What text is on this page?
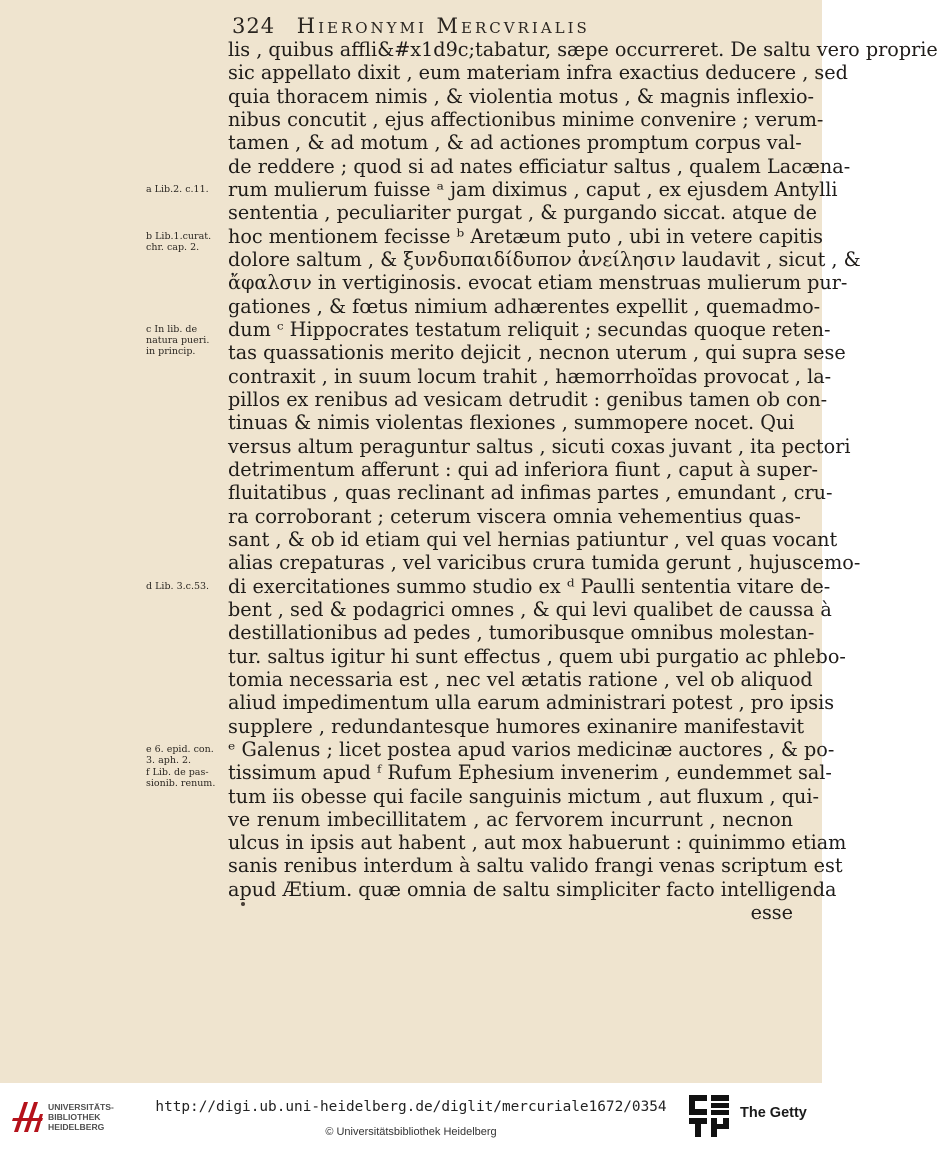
324 Hieronymi Mercvrialis
lis , quibus affli&#x1d9c;tabatur, sæpe occurreret. De saltu vero proprie
sic appellato dixit , eum materiam infra exactius deducere , sed
quia thoracem nimis , & violentia motus , & magnis inflexio-
nibus concutit , ejus affectionibus minime convenire ; verum-
tamen , & ad motum , & ad actiones promptum corpus val-
de reddere ; quod si ad nates efficiatur saltus , qualem Lacæna-
rum mulierum fuisse ᵃ jam diximus , caput , ex ejusdem Antylli
sententia , peculiariter purgat , & purgando siccat. atque de
hoc mentionem fecisse ᵇ Aretæum puto , ubi in vetere capitis
dolore saltum , & ξυνδυπαιδίδυπον ἀνείλησιν laudavit , sicut , &
ἄφαλσιν in vertiginosis. evocat etiam menstruas mulierum pur-
gationes , & fœtus nimium adhærentes expellit , quemadmo-
dum ᶜ Hippocrates testatum reliquit ; secundas quoque reten-
tas quassationis merito dejicit , necnon uterum , qui supra sese
contraxit , in suum locum trahit , hæmorrhoïdas provocat , la-
pillos ex renibus ad vesicam detrudit : genibus tamen ob con-
tinuas & nimis violentas flexiones , summopere nocet. Qui
versus altum peraguntur saltus , sicuti coxas juvant , ita pectori
detrimentum afferunt : qui ad inferiora fiunt , caput à super-
fluitatibus , quas reclinant ad infimas partes , emundant , cru-
ra corroborant ; ceterum viscera omnia vehementius quas-
sant , & ob id etiam qui vel hernias patiuntur , vel quas vocant
alias crepaturas , vel varicibus crura tumida gerunt , hujuscemo-
di exercitationes summo studio ex ᵈ Paulli sententia vitare de-
bent , sed & podagrici omnes , & qui levi qualibet de caussa à
destillationibus ad pedes , tumoribusque omnibus molestan-
tur. saltus igitur hi sunt effectus , quem ubi purgatio ac phlebo-
tomia necessaria est , nec vel ætatis ratione , vel ob aliquod
aliud impedimentum ulla earum administrari potest , pro ipsis
supplere , redundantesque humores exinanire manifestavit
ᵉ Galenus ; licet postea apud varios medicinæ auctores , & po-
tissimum apud ᶠ Rufum Ephesium invenerim , eundemmet sal-
tum iis obesse qui facile sanguinis mictum , aut fluxum , qui-
ve renum imbecillitatem , ac fervorem incurrunt , necnon
ulcus in ipsis aut habent , aut mox habuerunt : quinimmo etiam
sanis renibus interdum à saltu valido frangi venas scriptum est
apud Ætium. quæ omnia de saltu simpliciter facto intelligenda
esse
a Lib.2. c.11.
b Lib.1.curat.
chr. cap. 2.
c In lib. de
natura pueri.
in princip.
d Lib. 3.c.53.
e 6. epid. con.
3. aph. 2.
f Lib. de pas-
sionib. renum.
UNIVERSITÄTS-
BIBLIOTHEK
HEIDELBERG
http://digi.ub.uni-heidelberg.de/diglit/mercuriale1672/0354
© Universitätsbibliothek Heidelberg
The Getty
